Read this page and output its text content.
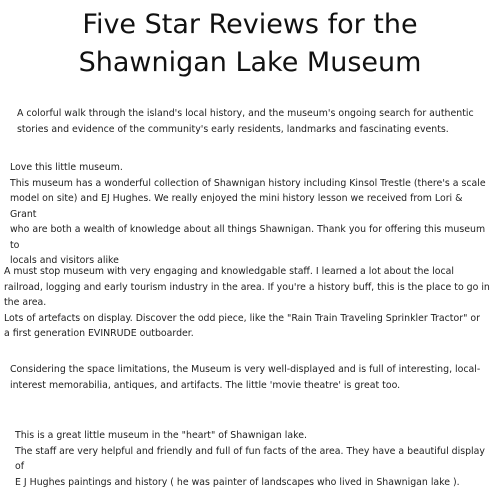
Five Star Reviews for the
Shawnigan Lake Museum

A colorful walk through the island's local history, and the museum's ongoing search for authentic

stories and evidence of the community's early residents, landmarks and fascinating events.

Love this little museum.

This museum has a wonderful collection of Shawnigan history including Kinsol Trestle (there's a scale

model on site) and EJ Hughes. We really enjoyed the mini history lesson we received from Lori & Grant

who are both a wealth of knowledge about all things Shawnigan. Thank you for offering this museum to

locals and visitors alike

A must stop museum with very engaging and knowledgable staff. I learned a lot about the local

railroad, logging and early tourism industry in the area. If you're a history buff, this is the place to go in

the area.

Lots of artefacts on display. Discover the odd piece, like the "Rain Train Traveling Sprinkler Tractor" or

a first generation EVINRUDE outboarder.

Considering the space limitations, the Museum is very well-displayed and is full of interesting, local-

interest memorabilia, antiques, and artifacts. The little 'movie theatre' is great too.

This is a great little museum in the "heart" of Shawnigan lake.

The staff are very helpful and friendly and full of fun facts of the area. They have a beautiful display of

E J Hughes paintings and history ( he was painter of landscapes who lived in Shawnigan lake ).
